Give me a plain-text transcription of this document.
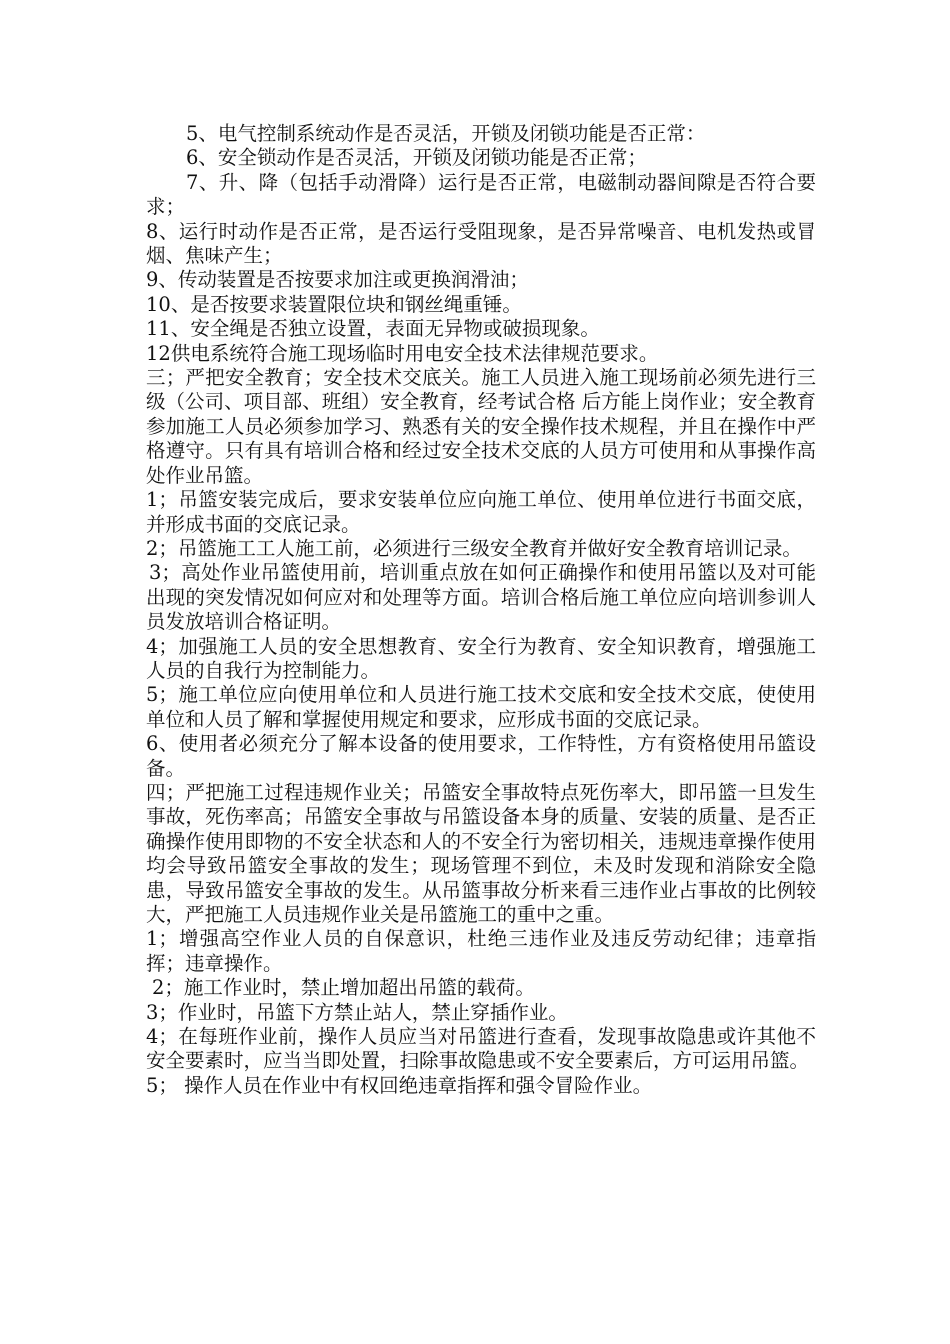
5、电气控制系统动作是否灵活，开锁及闭锁功能是否正常：

6、安全锁动作是否灵活，开锁及闭锁功能是否正常；

7、升、降（包括手动滑降）运行是否正常，电磁制动器间隙是否符合要求；

8、运行时动作是否正常，是否运行受阻现象，是否异常噪音、电机发热或冒烟、焦味产生；

9、传动装置是否按要求加注或更换润滑油；

10、是否按要求装置限位块和钢丝绳重锤。

11、安全绳是否独立设置，表面无异物或破损现象。

12供电系统符合施工现场临时用电安全技术法律规范要求。

三；严把安全教育；安全技术交底关。施工人员进入施工现场前必须先进行三级（公司、项目部、班组）安全教育，经考试合格 后方能上岗作业；安全教育参加施工人员必须参加学习、熟悉有关的安全操作技术规程，并且在操作中严格遵守。只有具有培训合格和经过安全技术交底的人员方可使用和从事操作高处作业吊篮。

1；吊篮安装完成后，要求安装单位应向施工单位、使用单位进行书面交底，并形成书面的交底记录。

2；吊篮施工工人施工前，必须进行三级安全教育并做好安全教育培训记录。

3；高处作业吊篮使用前，培训重点放在如何正确操作和使用吊篮以及对可能出现的突发情况如何应对和处理等方面。培训合格后施工单位应向培训参训人员发放培训合格证明。

4；加强施工人员的安全思想教育、安全行为教育、安全知识教育，增强施工人员的自我行为控制能力。

5；施工单位应向使用单位和人员进行施工技术交底和安全技术交底，使使用单位和人员了解和掌握使用规定和要求，应形成书面的交底记录。

6、使用者必须充分了解本设备的使用要求，工作特性，方有资格使用吊篮设备。

四；严把施工过程违规作业关；吊篮安全事故特点死伤率大，即吊篮一旦发生事故，死伤率高；吊篮安全事故与吊篮设备本身的质量、安装的质量、是否正确操作使用即物的不安全状态和人的不安全行为密切相关，违规违章操作使用均会导致吊篮安全事故的发生；现场管理不到位，未及时发现和消除安全隐患，导致吊篮安全事故的发生。从吊篮事故分析来看三违作业占事故的比例较大，严把施工人员违规作业关是吊篮施工的重中之重。

1；增强高空作业人员的自保意识，杜绝三违作业及违反劳动纪律；违章指挥；违章操作。

2；施工作业时，禁止增加超出吊篮的载荷。

3；作业时，吊篮下方禁止站人，禁止穿插作业。

4；在每班作业前，操作人员应当对吊篮进行查看，发现事故隐患或许其他不安全要素时，应当当即处置，扫除事故隐患或不安全要素后，方可运用吊篮。

5； 操作人员在作业中有权回绝违章指挥和强令冒险作业。
